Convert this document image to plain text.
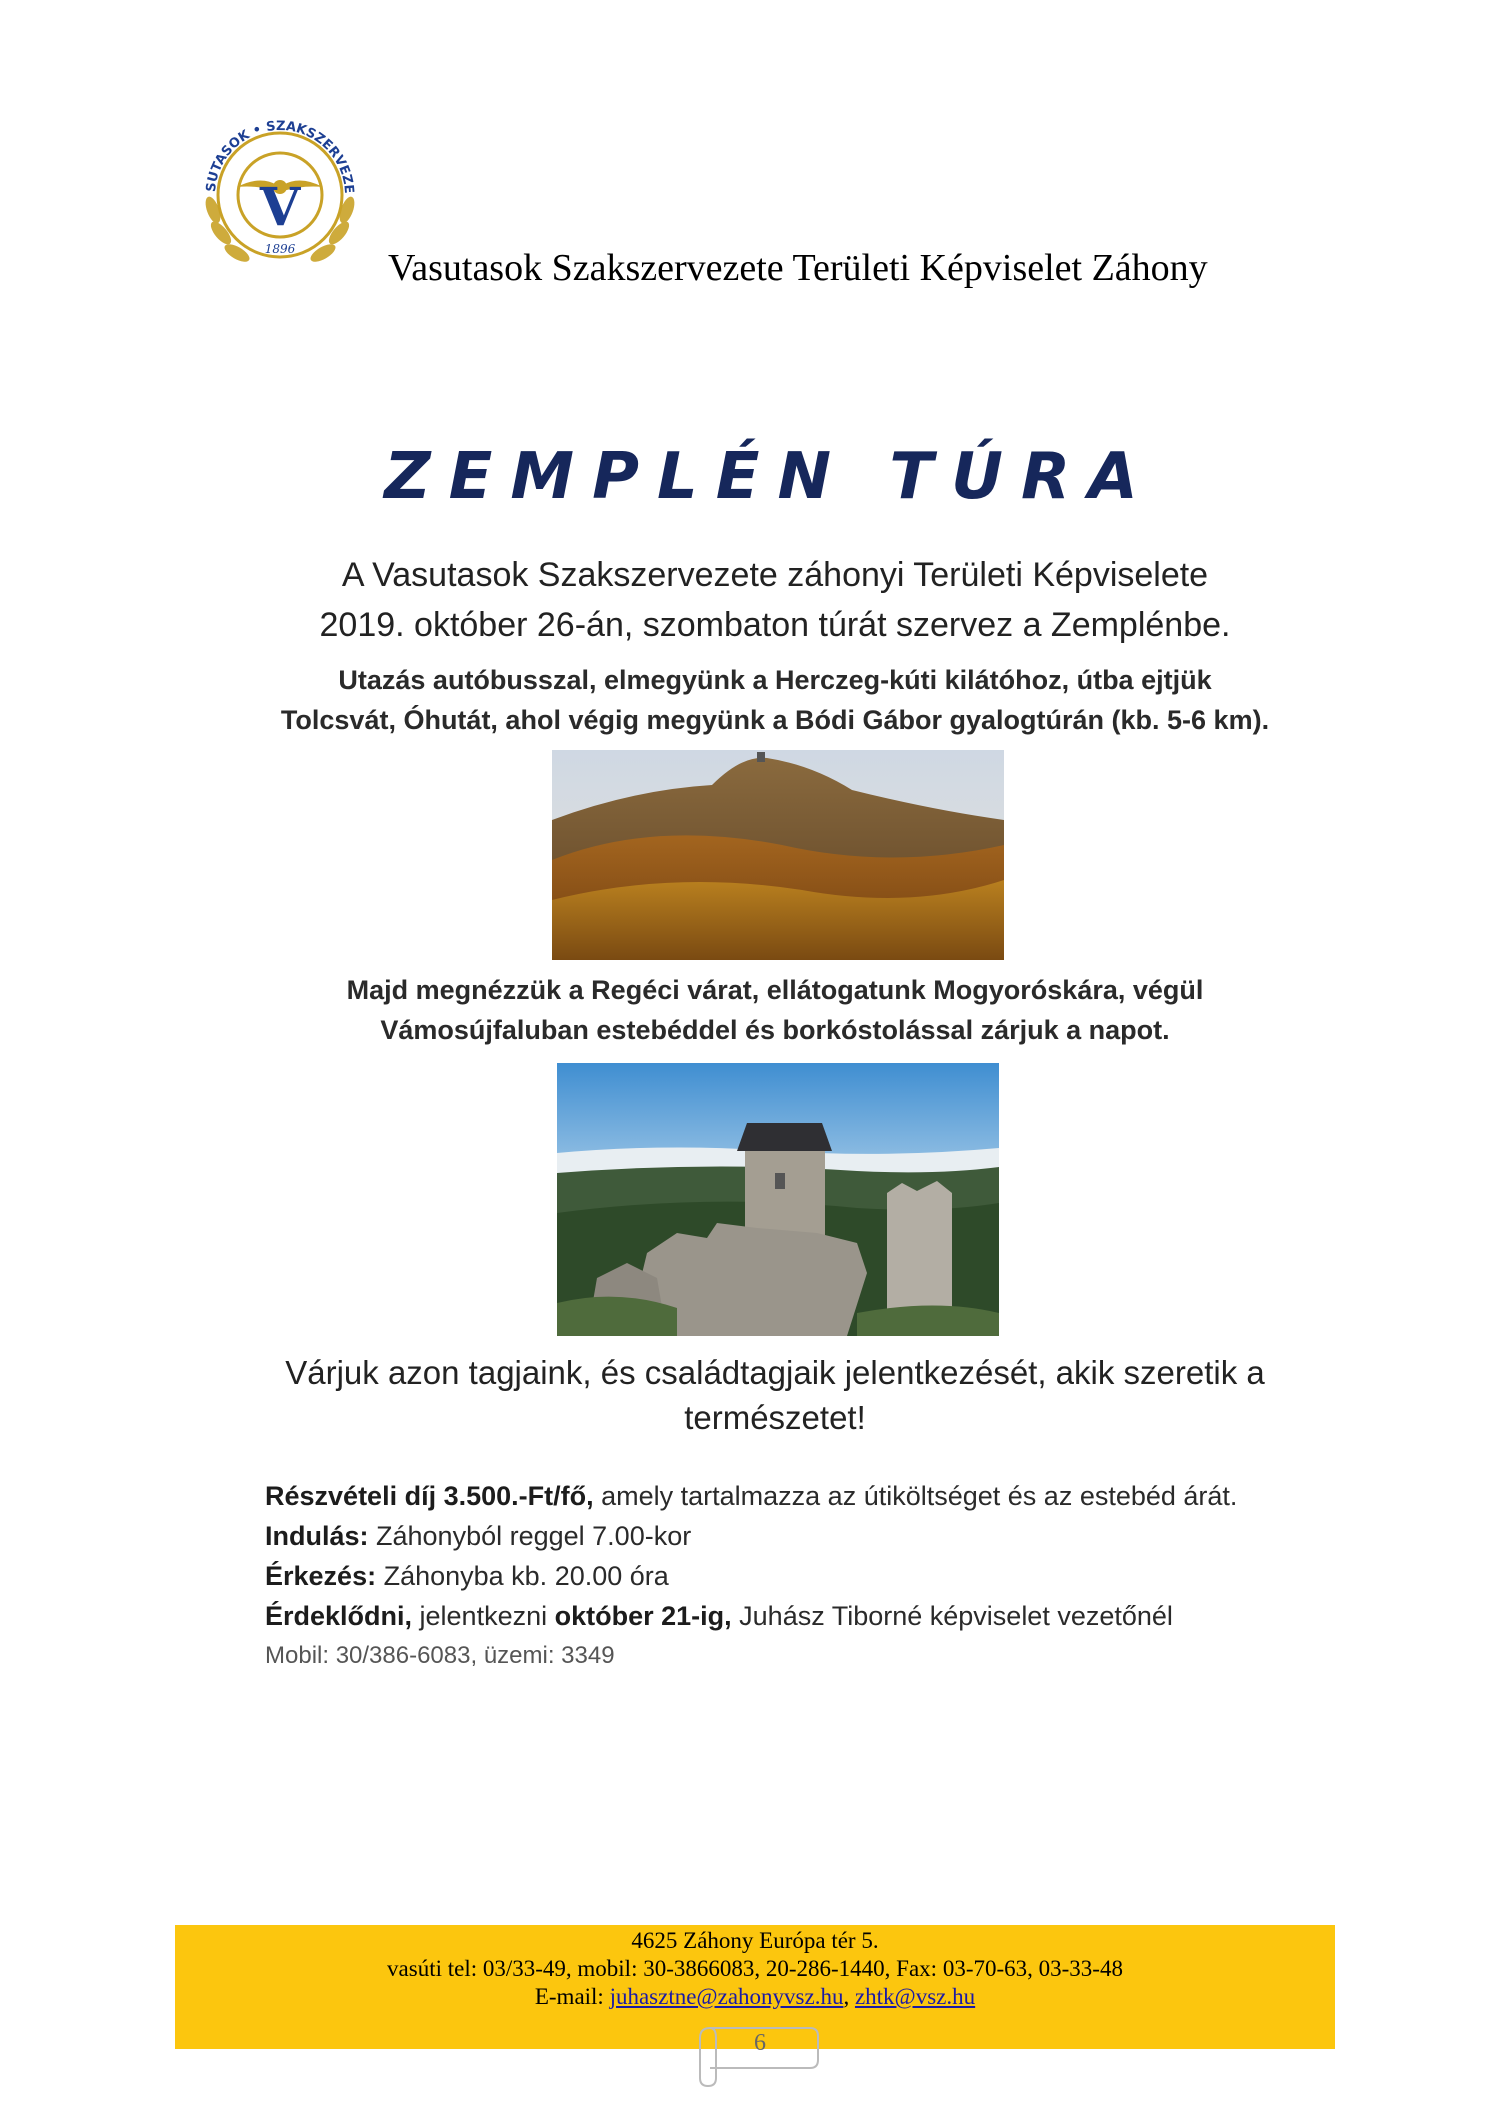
SUTASOK • SZAKSZERVEZE
V
1896 Vasutasok Szakszervezete Területi Képviselet Záhony
ZEMPLÉN TÚRA
A Vasutasok Szakszervezete záhonyi Területi Képviselete
2019. október 26-án, szombaton túrát szervez a Zemplénbe.
Utazás autóbusszal, elmegyünk a Herczeg-kúti kilátóhoz, útba ejtjük
Tolcsvát, Óhutát, ahol végig megyünk a Bódi Gábor gyalogtúrán (kb. 5-6 km).
Majd megnézzük a Regéci várat, ellátogatunk Mogyoróskára, végül
Vámosújfaluban estebéddel és borkóstolással zárjuk a napot.
Várjuk azon tagjaink, és családtagjaik jelentkezését, akik szeretik a
természetet!

Részvételi díj 3.500.-Ft/fő, amely tartalmazza az útiköltséget és az estebéd árát.

Indulás: Záhonyból reggel 7.00-kor

Érkezés: Záhonyba kb. 20.00 óra

Érdeklődni, jelentkezni október 21-ig, Juhász Tiborné képviselet vezetőnél

Mobil: 30/386-6083, üzemi: 3349

4625 Záhony Európa tér 5.
vasúti tel: 03/33-49, mobil: 30-3866083, 20-286-1440, Fax: 03-70-63, 03-33-48
E-mail: juhasztne@zahonyvsz.hu, zhtk@vsz.hu
6
